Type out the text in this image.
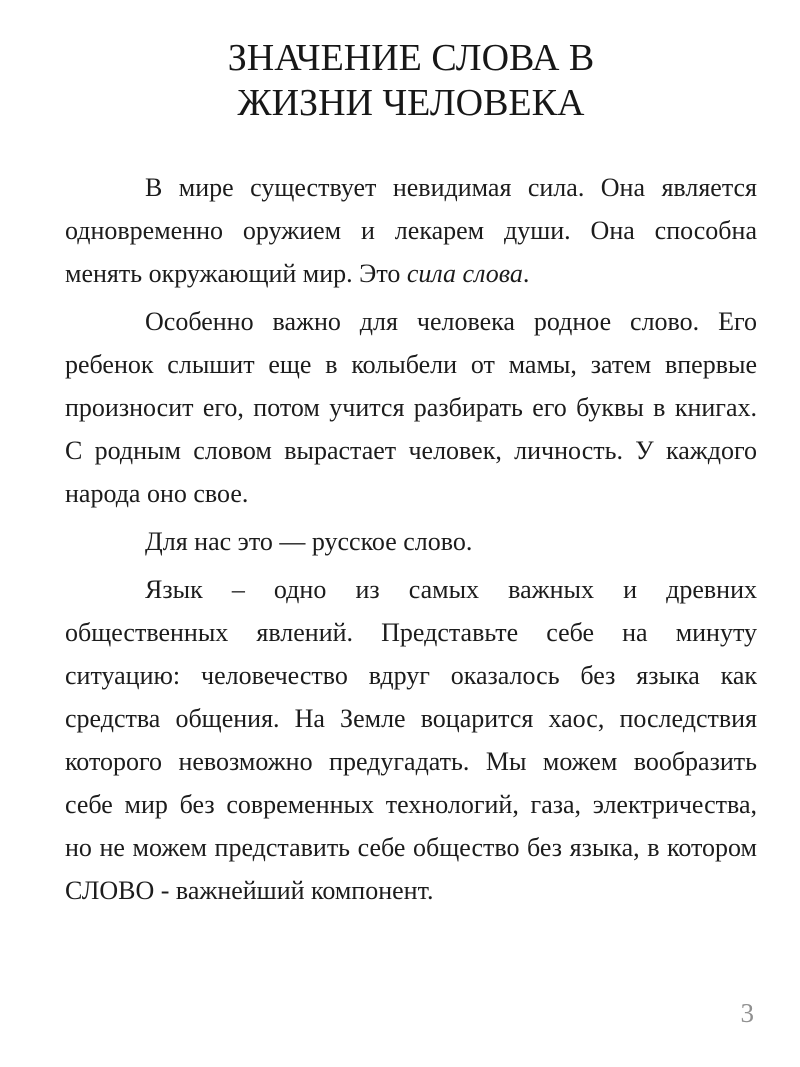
ЗНАЧЕНИЕ СЛОВА В
ЖИЗНИ ЧЕЛОВЕКА

В мире существует невидимая сила. Она является одновременно оружием и лекарем души. Она способна менять окружающий мир. Это сила слова.

Особенно важно для человека родное слово. Его ребенок слышит еще в колыбели от мамы, затем впервые произносит его, потом учится разбирать его буквы в книгах. С родным словом вырастает человек, личность. У каждого народа оно свое.

Для нас это — русское слово.

Язык – одно из самых важных и древних общественных явлений. Представьте себе на минуту ситуацию: человечество вдруг оказалось без языка как средства общения. На Земле воцарится хаос, последствия которого невозможно предугадать. Мы можем вообразить себе мир без современных технологий, газа, электричества, но не можем представить себе общество без языка, в котором СЛОВО - важнейший компонент.

3
